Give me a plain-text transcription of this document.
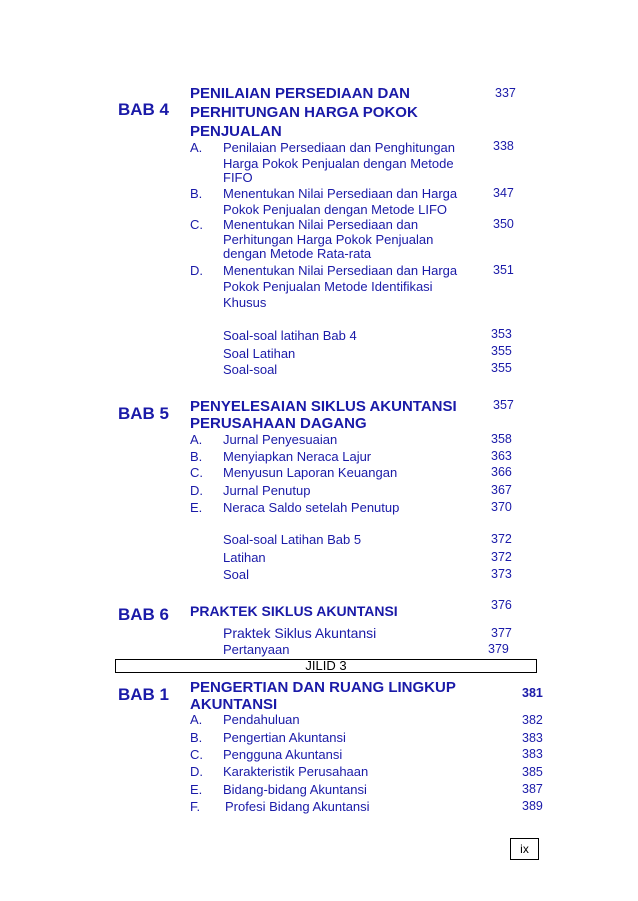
BAB 4
PENILAIAN PERSEDIAAN DAN
PERHITUNGAN HARGA POKOK
PENJUALAN
337
A. Penilaian Persediaan dan Penghitungan
Harga Pokok Penjualan dengan Metode
FIFO
338
B. Menentukan Nilai Persediaan dan Harga
Pokok Penjualan dengan Metode LIFO
347
C. Menentukan Nilai Persediaan dan
Perhitungan Harga Pokok Penjualan
dengan Metode Rata-rata
350
D. Menentukan Nilai Persediaan dan Harga
Pokok Penjualan Metode Identifikasi
Khusus
351
Soal-soal latihan Bab 4	353
Soal Latihan	355
Soal-soal	355
BAB 5 PENYELESAIAN SIKLUS AKUNTANSI
PERUSAHAAN DAGANG
357
A. Jurnal Penyesuaian	358
B. Menyiapkan Neraca Lajur	363
C. Menyusun Laporan Keuangan	366
D. Jurnal Penutup	367
E. Neraca Saldo setelah Penutup	370
Soal-soal Latihan Bab 5	372
Latihan	372
Soal	373
BAB 6 PRAKTEK SIKLUS AKUNTANSI	376
Praktek Siklus Akuntansi	377
Pertanyaan	379
JILID 3
BAB 1 PENGERTIAN DAN RUANG LINGKUP
AKUNTANSI
381
A. Pendahuluan	382
B. Pengertian Akuntansi	383
C. Pengguna Akuntansi	383
D. Karakteristik Perusahaan	385
E. Bidang-bidang Akuntansi	387
F. Profesi Bidang Akuntansi	389
ix
